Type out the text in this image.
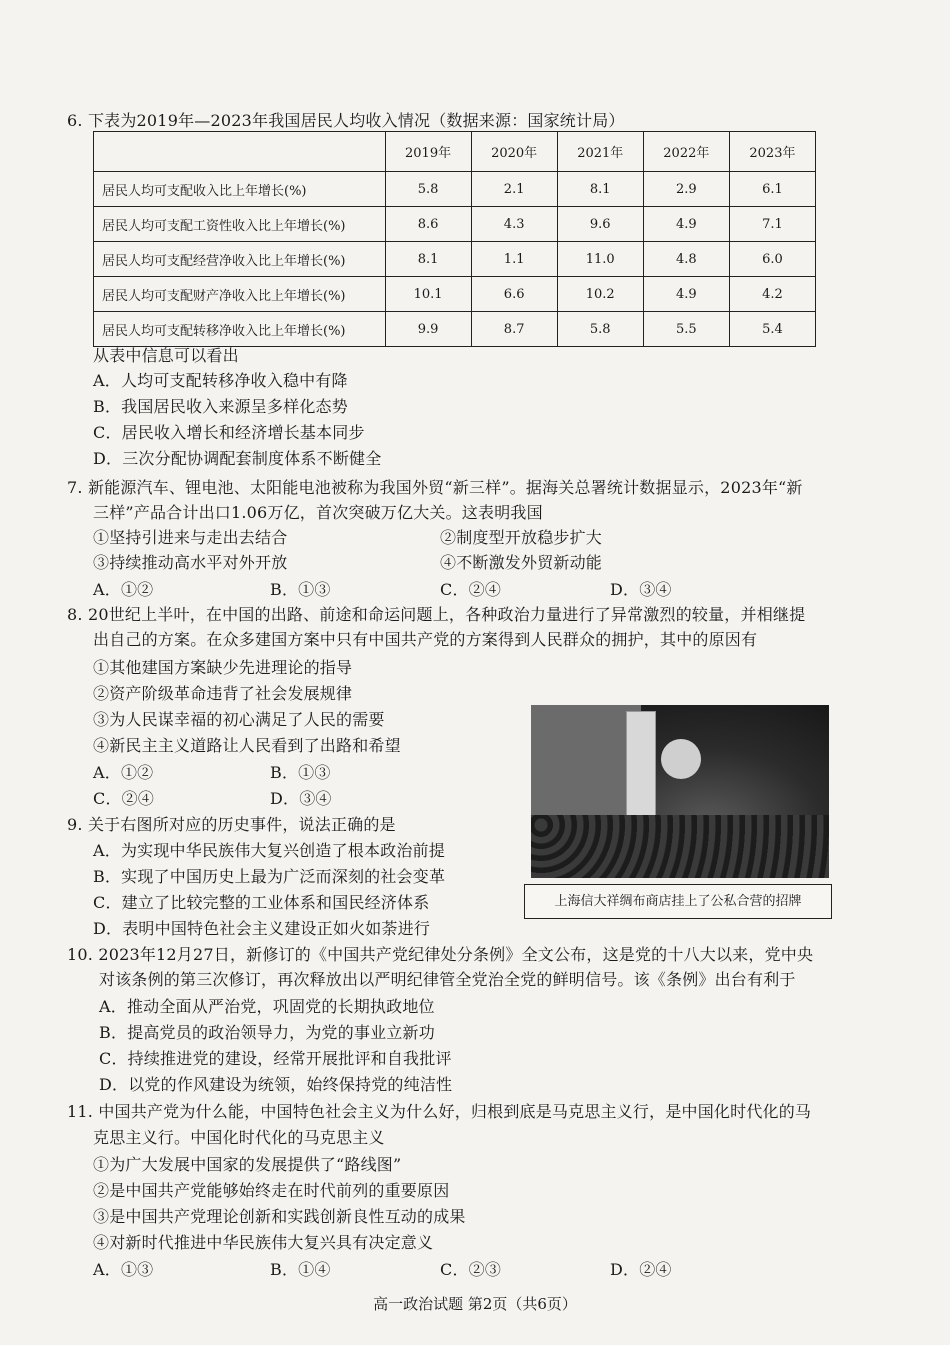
6. 下表为2019年—2023年我国居民人均收入情况（数据来源：国家统计局）
	2019年	2020年	2021年	2022年	2023年
居民人均可支配收入比上年增长(%)	5.8	2.1	8.1	2.9	6.1
居民人均可支配工资性收入比上年增长(%)	8.6	4.3	9.6	4.9	7.1
居民人均可支配经营净收入比上年增长(%)	8.1	1.1	11.0	4.8	6.0
居民人均可支配财产净收入比上年增长(%)	10.1	6.6	10.2	4.9	4.2
居民人均可支配转移净收入比上年增长(%)	9.9	8.7	5.8	5.5	5.4
从表中信息可以看出
A．人均可支配转移净收入稳中有降
B．我国居民收入来源呈多样化态势
C．居民收入增长和经济增长基本同步
D．三次分配协调配套制度体系不断健全
7. 新能源汽车、锂电池、太阳能电池被称为我国外贸“新三样”。据海关总署统计数据显示，2023年“新
三样”产品合计出口1.06万亿，首次突破万亿大关。这表明我国
①坚持引进来与走出去结合	②制度型开放稳步扩大
③持续推动高水平对外开放	④不断激发外贸新动能
A．①②	B．①③	C．②④	D．③④
8. 20世纪上半叶，在中国的出路、前途和命运问题上，各种政治力量进行了异常激烈的较量，并相继提
出自己的方案。在众多建国方案中只有中国共产党的方案得到人民群众的拥护，其中的原因有
①其他建国方案缺少先进理论的指导
②资产阶级革命违背了社会发展规律
③为人民谋幸福的初心满足了人民的需要
④新民主主义道路让人民看到了出路和希望
A．①②	B．①③
C．②④	D．③④
上海信大祥绸布商店挂上了公私合营的招牌
9. 关于右图所对应的历史事件，说法正确的是
A．为实现中华民族伟大复兴创造了根本政治前提
B．实现了中国历史上最为广泛而深刻的社会变革
C．建立了比较完整的工业体系和国民经济体系
D．表明中国特色社会主义建设正如火如荼进行
10. 2023年12月27日，新修订的《中国共产党纪律处分条例》全文公布，这是党的十八大以来，党中央
对该条例的第三次修订，再次释放出以严明纪律管全党治全党的鲜明信号。该《条例》出台有利于
A．推动全面从严治党，巩固党的长期执政地位
B．提高党员的政治领导力，为党的事业立新功
C．持续推进党的建设，经常开展批评和自我批评
D．以党的作风建设为统领，始终保持党的纯洁性
11. 中国共产党为什么能，中国特色社会主义为什么好，归根到底是马克思主义行，是中国化时代化的马
克思主义行。中国化时代化的马克思主义
①为广大发展中国家的发展提供了“路线图”
②是中国共产党能够始终走在时代前列的重要原因
③是中国共产党理论创新和实践创新良性互动的成果
④对新时代推进中华民族伟大复兴具有决定意义
A．①③	B．①④	C．②③	D．②④
高一政治试题 第2页（共6页）
